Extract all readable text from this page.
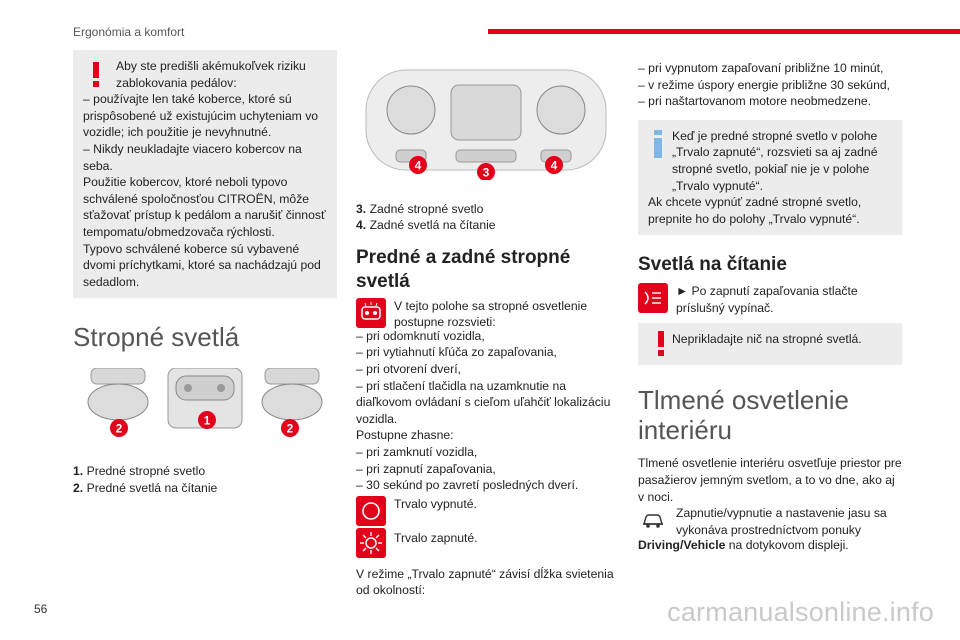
Ergonómia a komfort

Aby ste predišli akémukoľvek riziku zablokovania pedálov:

– používajte len také koberce, ktoré sú prispôsobené už existujúcim uchyteniam vo vozidle; ich použitie je nevyhnutné.

– Nikdy neukladajte viacero kobercov na seba.

Použitie kobercov, ktoré neboli typovo schválené spoločnosťou CITROËN, môže sťažovať prístup k pedálom a narušiť činnosť tempomatu/obmedzovača rýchlosti.

Typovo schválené koberce sú vybavené dvomi príchytkami, ktoré sa nachádzajú pod sedadlom.

Stropné svetlá
2
1
2

1. Predné stropné svetlo

2. Predné svetlá na čítanie

4	3	4

3. Zadné stropné svetlo

4. Zadné svetlá na čítanie

Predné a zadné stropné svetlá
V tejto polohe sa stropné osvetlenie postupne rozsvieti:

– pri odomknutí vozidla,

– pri vytiahnutí kľúča zo zapaľovania,

– pri otvorení dverí,

– pri stlačení tlačidla na uzamknutie na diaľkovom ovládaní s cieľom uľahčiť lokalizáciu vozidla.

Postupne zhasne:

– pri zamknutí vozidla,

– pri zapnutí zapaľovania,

– 30 sekúnd po zavretí posledných dverí.

Trvalo vypnuté.
Trvalo zapnuté.

V režime „Trvalo zapnuté“ závisí dĺžka svietenia od okolností:

– pri vypnutom zapaľovaní približne 10 minút,

– v režime úspory energie približne 30 sekúnd,

– pri naštartovanom motore neobmedzene.

Keď je predné stropné svetlo v polohe „Trvalo zapnuté“, rozsvieti sa aj zadné stropné svetlo, pokiaľ nie je v polohe „Trvalo vypnuté“.

Ak chcete vypnúť zadné stropné svetlo, prepnite ho do polohy „Trvalo vypnuté“.

Svetlá na čítanie
► Po zapnutí zapaľovania stlačte príslušný vypínač.

Neprikladajte nič na stropné svetlá.

Tlmené osvetlenie interiéru

Tlmené osvetlenie interiéru osvetľuje priestor pre pasažierov jemným svetlom, a to vo dne, ako aj v noci.

Zapnutie/vypnutie a nastavenie jasu sa vykonáva prostredníctvom ponuky

Driving/Vehicle na dotykovom displeji.

56	carmanualsonline.info
